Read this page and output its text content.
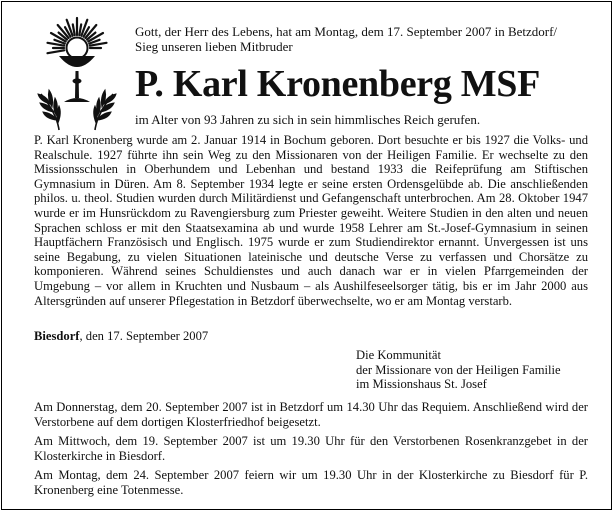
Gott, der Herr des Lebens, hat am Montag, dem 17. September 2007 in Betzdorf/
Sieg unseren lieben Mitbruder
P. Karl Kronenberg MSF
im Alter von 93 Jahren zu sich in sein himmlisches Reich gerufen.
P. Karl Kronenberg wurde am 2. Januar 1914 in Bochum geboren. Dort besuchte er bis 1927 die Volks- und Realschule. 1927 führte ihn sein Weg zu den Missionaren von der Heiligen Familie. Er wechselte zu den Missionsschulen in Oberhundem und Lebenhan und bestand 1933 die Reifeprüfung am Stiftischen Gymnasium in Düren. Am 8. September 1934 legte er seine ersten Ordensgelübde ab. Die anschließenden philos. u. theol. Studien wurden durch Militärdienst und Gefangenschaft unterbrochen. Am 28. Oktober 1947 wurde er im Hunsrückdom zu Ravengiersburg zum Priester geweiht. Weitere Studien in den alten und neuen Sprachen schloss er mit den Staatsexamina ab und wurde 1958 Lehrer am St.-Josef-Gymnasium in seinen Hauptfächern Französisch und Englisch. 1975 wurde er zum Studiendirektor ernannt. Unvergessen ist uns seine Begabung, zu vielen Situationen lateinische und deutsche Verse zu verfassen und Chorsätze zu komponieren. Während seines Schuldienstes und auch danach war er in vielen Pfarrgemeinden der Umgebung – vor allem in Kruchten und Nusbaum – als Aushilfeseelsorger tätig, bis er im Jahr 2000 aus Altersgründen auf unserer Pflegestation in Betzdorf überwechselte, wo er am Montag verstarb.
Biesdorf, den 17. September 2007
Die Kommunität
der Missionare von der Heiligen Familie
im Missionshaus St. Josef

Am Donnerstag, dem 20. September 2007 ist in Betzdorf um 14.30 Uhr das Requiem. Anschließend wird der Verstorbene auf dem dortigen Klosterfriedhof beigesetzt.

Am Mittwoch, dem 19. September 2007 ist um 19.30 Uhr für den Verstorbenen Rosenkranzgebet in der Klosterkirche in Biesdorf.

Am Montag, dem 24. September 2007 feiern wir um 19.30 Uhr in der Klosterkirche zu Biesdorf für P. Kronenberg eine Totenmesse.
